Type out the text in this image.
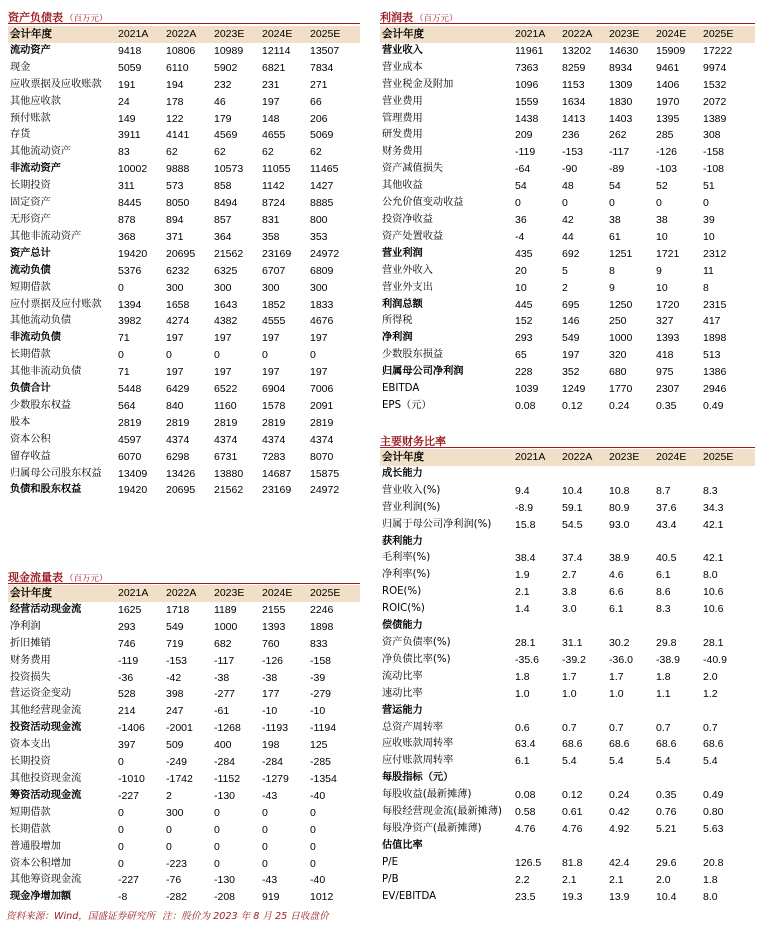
资产负债表 （百万元）
会计年度	2021A	2022A	2023E	2024E	2025E
流动资产	9418	10806	10989	12114	13507
现金	5059	6110	5902	6821	7834
应收票据及应收账款	191	194	232	231	271
其他应收款	24	178	46	197	66
预付账款	149	122	179	148	206
存货	3911	4141	4569	4655	5069
其他流动资产	83	62	62	62	62
非流动资产	10002	9888	10573	11055	11465
长期投资	311	573	858	1142	1427
固定资产	8445	8050	8494	8724	8885
无形资产	878	894	857	831	800
其他非流动资产	368	371	364	358	353
资产总计	19420	20695	21562	23169	24972
流动负债	5376	6232	6325	6707	6809
短期借款	0	300	300	300	300
应付票据及应付账款	1394	1658	1643	1852	1833
其他流动负债	3982	4274	4382	4555	4676
非流动负债	71	197	197	197	197
长期借款	0	0	0	0	0
其他非流动负债	71	197	197	197	197
负债合计	5448	6429	6522	6904	7006
少数股东权益	564	840	1160	1578	2091
股本	2819	2819	2819	2819	2819
资本公积	4597	4374	4374	4374	4374
留存收益	6070	6298	6731	7283	8070
归属母公司股东权益	13409	13426	13880	14687	15875
负债和股东权益	19420	20695	21562	23169	24972
现金流量表 （百万元）
会计年度	2021A	2022A	2023E	2024E	2025E
经营活动现金流	1625	1718	1189	2155	2246
净利润	293	549	1000	1393	1898
折旧摊销	746	719	682	760	833
财务费用	-119	-153	-117	-126	-158
投资损失	-36	-42	-38	-38	-39
营运资金变动	528	398	-277	177	-279
其他经营现金流	214	247	-61	-10	-10
投资活动现金流	-1406	-2001	-1268	-1193	-1194
资本支出	397	509	400	198	125
长期投资	0	-249	-284	-284	-285
其他投资现金流	-1010	-1742	-1152	-1279	-1354
筹资活动现金流	-227	2	-130	-43	-40
短期借款	0	300	0	0	0
长期借款	0	0	0	0	0
普通股增加	0	0	0	0	0
资本公积增加	0	-223	0	0	0
其他筹资现金流	-227	-76	-130	-43	-40
现金净增加额	-8	-282	-208	919	1012
利润表 （百万元）
会计年度	2021A	2022A	2023E	2024E	2025E
营业收入	11961	13202	14630	15909	17222
营业成本	7363	8259	8934	9461	9974
营业税金及附加	1096	1153	1309	1406	1532
营业费用	1559	1634	1830	1970	2072
管理费用	1438	1413	1403	1395	1389
研发费用	209	236	262	285	308
财务费用	-119	-153	-117	-126	-158
资产减值损失	-64	-90	-89	-103	-108
其他收益	54	48	54	52	51
公允价值变动收益	0	0	0	0	0
投资净收益	36	42	38	38	39
资产处置收益	-4	44	61	10	10
营业利润	435	692	1251	1721	2312
营业外收入	20	5	8	9	11
营业外支出	10	2	9	10	8
利润总额	445	695	1250	1720	2315
所得税	152	146	250	327	417
净利润	293	549	1000	1393	1898
少数股东损益	65	197	320	418	513
归属母公司净利润	228	352	680	975	1386
EBITDA	1039	1249	1770	2307	2946
EPS（元）	0.08	0.12	0.24	0.35	0.49
主要财务比率
会计年度	2021A	2022A	2023E	2024E	2025E
成长能力					
营业收入(%)	9.4	10.4	10.8	8.7	8.3
营业利润(%)	-8.9	59.1	80.9	37.6	34.3
归属于母公司净利润(%)	15.8	54.5	93.0	43.4	42.1
获利能力					
毛利率(%)	38.4	37.4	38.9	40.5	42.1
净利率(%)	1.9	2.7	4.6	6.1	8.0
ROE(%)	2.1	3.8	6.6	8.6	10.6
ROIC(%)	1.4	3.0	6.1	8.3	10.6
偿债能力					
资产负债率(%)	28.1	31.1	30.2	29.8	28.1
净负债比率(%)	-35.6	-39.2	-36.0	-38.9	-40.9
流动比率	1.8	1.7	1.7	1.8	2.0
速动比率	1.0	1.0	1.0	1.1	1.2
营运能力					
总资产周转率	0.6	0.7	0.7	0.7	0.7
应收账款周转率	63.4	68.6	68.6	68.6	68.6
应付账款周转率	6.1	5.4	5.4	5.4	5.4
每股指标（元）					
每股收益(最新摊薄)	0.08	0.12	0.24	0.35	0.49
每股经营现金流(最新摊薄)	0.58	0.61	0.42	0.76	0.80
每股净资产(最新摊薄)	4.76	4.76	4.92	5.21	5.63
估值比率					
P/E	126.5	81.8	42.4	29.6	20.8
P/B	2.2	2.1	2.1	2.0	1.8
EV/EBITDA	23.5	19.3	13.9	10.4	8.0
资料来源：Wind，国盛证券研究所 注：股价为 2023 年 8 月 25 日收盘价
